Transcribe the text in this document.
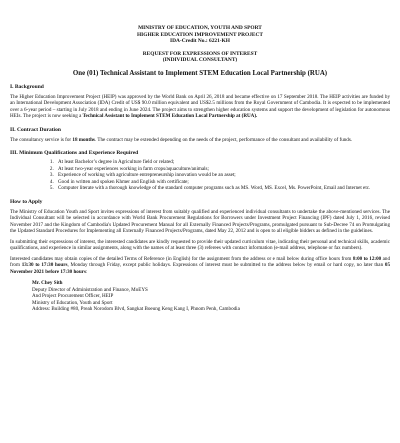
MINISTRY OF EDUCATION, YOUTH AND SPORT
HIGHER EDUCATION IMPROVEMENT PROJECT
IDA-Credit No.: 6221-KH
REQUEST FOR EXPRESSIONS OF INTEREST
(INDIVIDUAL CONSULTANT)
One (01) Technical Assistant to Implement STEM Education Local Partnership (RUA)
I. Background
The Higher Education Improvement Project (HEIP) was approved by the World Bank on April 26, 2018 and became effective on 17 September 2018. The HEIP activities are funded by an International Development Association (IDA) Credit of US$ 90.0 million equivalent and US$2.5 millions from the Royal Government of Cambodia. It is expected to be implemented over a 6-year period – starting in July 2018 and ending in June 2024. The project aims to strengthen higher education systems and support the development of legislation for autonomous HEIs. The project is now seeking a Technical Assistant to Implement STEM Education Local Partnership at (RUA).
II. Contract Duration
The consultancy service is for 18 months. The contract may be extended depending on the needs of the project, performance of the consultant and availability of funds.
III. Minimum Qualifications and Experience Required
1. At least Bachelor’s degree in Agriculture field or related;
2. At least two-year experiences working in farm crops/aquaculture/animals;
3. Experience of working with agriculture entrepreneurship innovation would be an asset;
4. Good in written and spoken Khmer and English with certificate;
5. Computer literate with a thorough knowledge of the standard computer programs such as MS. Word, MS. Excel, Ms. PowerPoint, Email and Internet etc.
How to Apply
The Ministry of Education Youth and Sport invites expressions of interest from suitably qualified and experienced individual consultants to undertake the above-mentioned services. The Individual Consultant will be selected in accordance with World Bank Procurement Regulations for Borrowers under Investment Project Financing (IPF) dated July 1, 2016, revised November 2017 and the Kingdom of Cambodia's Updated Procurement Manual for all Externally Financed Projects/Programs, promulgated pursuant to Sub-Decree 74 on Promulgating the Updated Standard Procedures for Implementing all Externally Financed Projects/Programs, dated May 22, 2012 and is open to all eligible bidders as defined in the guidelines.
In submitting their expressions of interest, the interested candidates are kindly requested to provide their updated curriculum vitae, indicating their personal and technical skills, academic qualifications, and experience in similar assignments, along with the names of at least three (3) referees with contact information (e-mail address, telephone or fax numbers).
Interested candidates may obtain copies of the detailed Terms of Reference (in English) for the assignment from the address or e mail below during office hours from 8:00 to 12:00 and from 13:30 to 17:30 hours, Monday through Friday, except public holidays. Expressions of interest must be submitted to the address below by email or hard copy, no later than 05 November 2021 before 17:30 hours:
Mr. Chey Sith
Deputy Director of Administration and Finance, MoEYS
And Project Procurement Officer, HEIP
Ministry of Education, Youth and Sport
Address: Building #80, Preah Norodom Blvd, Sangkat Boeung Keng Kang I, Phnom Penh, Cambodia
